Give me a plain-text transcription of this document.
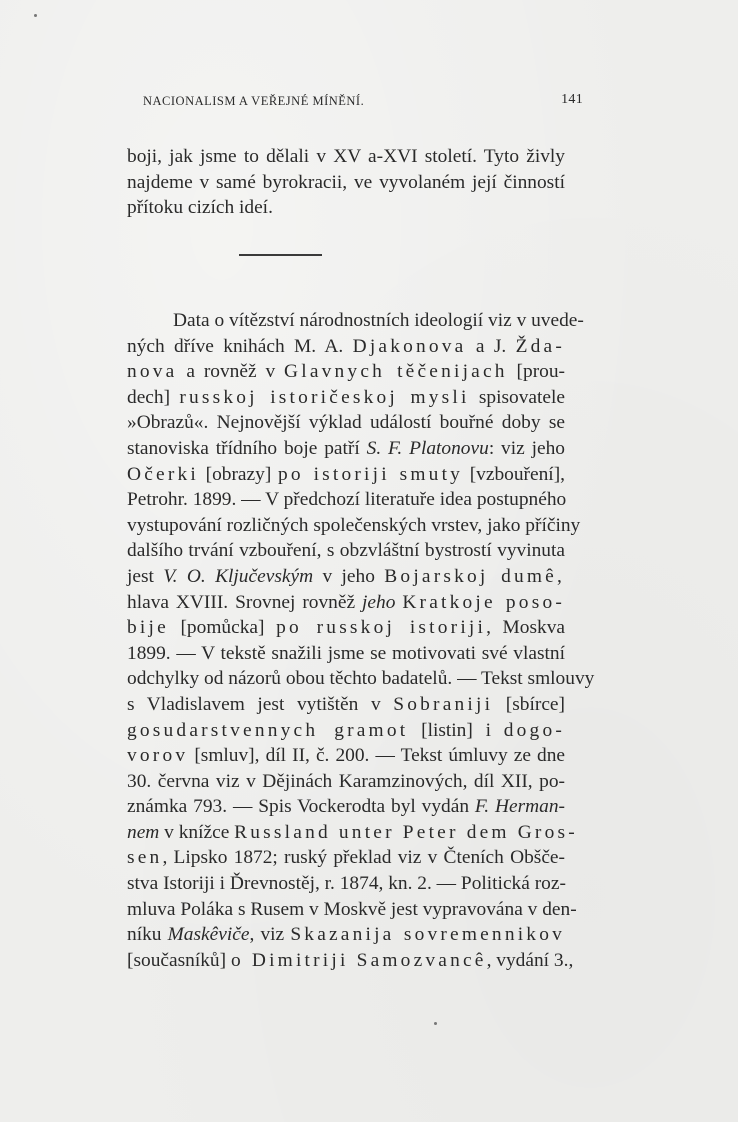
NACIONALISM A VEŘEJNÉ MÍNĚNÍ.	141
boji, jak jsme to dělali v XV a-XVI století. Tyto živly
najdeme v samé byrokracii, ve vyvolaném její činností
přítoku cizích ideí.
Data o vítězství národnostních ideologií viz v uvede-
ných dříve knihách M. A. Djakonova a J. Žda-
nova a rovněž v Glavnych těčenijach [prou-
dech] russkoj istoričeskoj mysli spisovatele
»Obrazů«. Nejnovější výklad událostí bouřné doby se
stanoviska třídního boje patří S. F. Platonovu: viz jeho
Očerki [obrazy] po istoriji smuty [vzbouření],
Petrohr. 1899. — V předchozí literatuře idea postupného
vystupování rozličných společenských vrstev, jako příčiny
dalšího trvání vzbouření, s obzvláštní bystrostí vyvinuta
jest V. O. Ključevským v jeho Bojarskoj dumê,
hlava XVIII. Srovnej rovněž jeho Kratkoje poso-
bije [pomůcka] po russkoj istoriji, Moskva
1899. — V tekstě snažili jsme se motivovati své vlastní
odchylky od názorů obou těchto badatelů. — Tekst smlouvy
s Vladislavem jest vytištěn v Sobraniji [sbírce]
gosudarstvennych gramot [listin] i dogo-
vorov [smluv], díl II, č. 200. — Tekst úmluvy ze dne
30. června viz v Dějinách Karamzinových, díl XII, po-
známka 793. — Spis Vockerodta byl vydán F. Herman-
nem v knížce Russland unter Peter dem Gros-
sen, Lipsko 1872; ruský překlad viz v Čteních Obšče-
stva Istoriji i Ďrevnostěj, r. 1874, kn. 2. — Politická roz-
mluva Poláka s Rusem v Moskvě jest vypravována v den-
níku Maskêviče, viz Skazanija sovremennikov
[současníků] o Dimitriji Samozvancê, vydání 3.,
